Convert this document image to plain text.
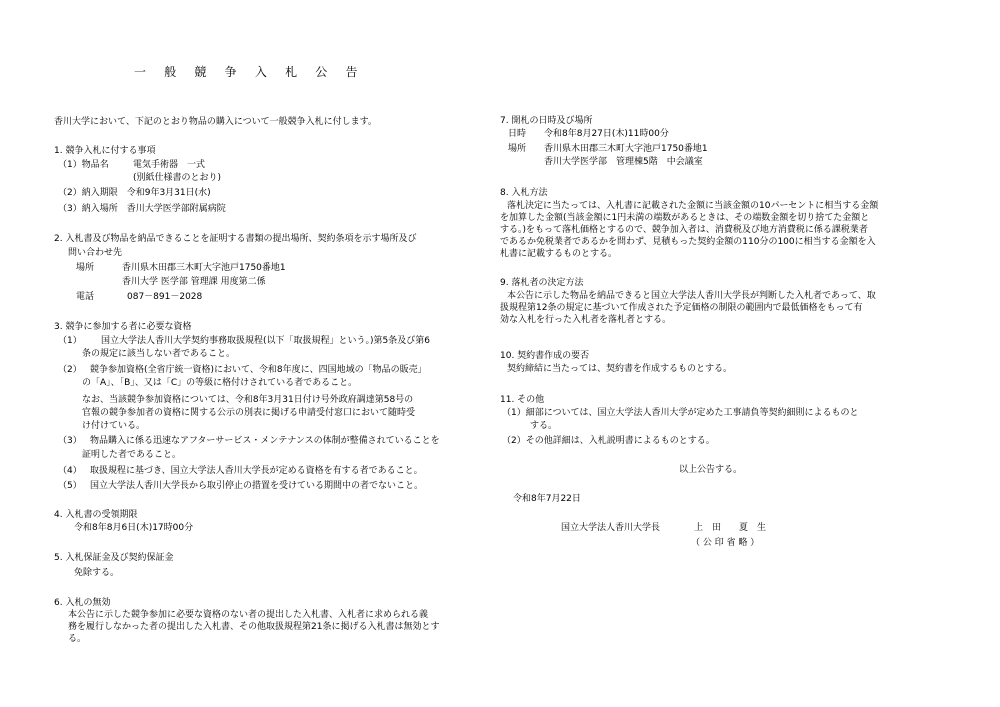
一 般 競 争 入 札 公 告
香川大学において、下記のとおり物品の購入について一般競争入札に付します。
1. 競争入札に付する事項
（1）物品名	電気手術器　一式
(別紙仕様書のとおり)
（2）納入期限　令和9年3月31日(水)
（3）納入場所　香川大学医学部附属病院
2. 入札書及び物品を納品できることを証明する書類の提出場所、契約条項を示す場所及び
問い合わせ先
場所	香川県木田郡三木町大字池戸1750番地1
香川大学 医学部 管理課 用度第二係
電話	087－891－2028
3. 競争に参加する者に必要な資格
（1） 国立大学法人香川大学契約事務取扱規程(以下「取扱規程」という。)第5条及び第6
条の規定に該当しない者であること。
（2） 競争参加資格(全省庁統一資格)において、令和8年度に、四国地域の「物品の販売」
の「A」、「B」、又は「C」の等級に格付けされている者であること。
なお、当該競争参加資格については、令和8年3月31日付け号外政府調達第58号の
官報の競争参加者の資格に関する公示の別表に掲げる申請受付窓口において随時受
け付けている。
（3） 物品購入に係る迅速なアフターサービス・メンテナンスの体制が整備されていることを
証明した者であること。
（4） 取扱規程に基づき、国立大学法人香川大学長が定める資格を有する者であること。
（5） 国立大学法人香川大学長から取引停止の措置を受けている期間中の者でないこと。
4. 入札書の受領期限
令和8年8月6日(木)17時00分
5. 入札保証金及び契約保証金
免除する。
6. 入札の無効
本公告に示した競争参加に必要な資格のない者の提出した入札書、入札者に求められる義
務を履行しなかった者の提出した入札書、その他取扱規程第21条に掲げる入札書は無効とす
る。
7. 開札の日時及び場所
日時 令和8年8月27日(木)11時00分
場所 香川県木田郡三木町大字池戸1750番地1
香川大学医学部　管理棟5階　中会議室
8. 入札方法
落札決定に当たっては、入札書に記載された金額に当該金額の10パーセントに相当する金額
を加算した金額(当該金額に1円未満の端数があるときは、その端数金額を切り捨てた金額と
する。)をもって落札価格とするので、競争加入者は、消費税及び地方消費税に係る課税業者
であるか免税業者であるかを問わず、見積もった契約金額の110分の100に相当する金額を入
札書に記載するものとする。
9. 落札者の決定方法
本公告に示した物品を納品できると国立大学法人香川大学長が判断した入札者であって、取
扱規程第12条の規定に基づいて作成された予定価格の制限の範囲内で最低価格をもって有
効な入札を行った入札者を落札者とする。
10. 契約書作成の要否
契約締結に当たっては、契約書を作成するものとする。
11. その他
（1）細部については、国立大学法人香川大学が定めた工事請負等契約細則によるものと
する。
（2）その他詳細は、入札説明書によるものとする。
以上公告する。
令和8年7月22日
国立大学法人香川大学長	上　田　　夏　生
（ 公 印 省 略 ）
